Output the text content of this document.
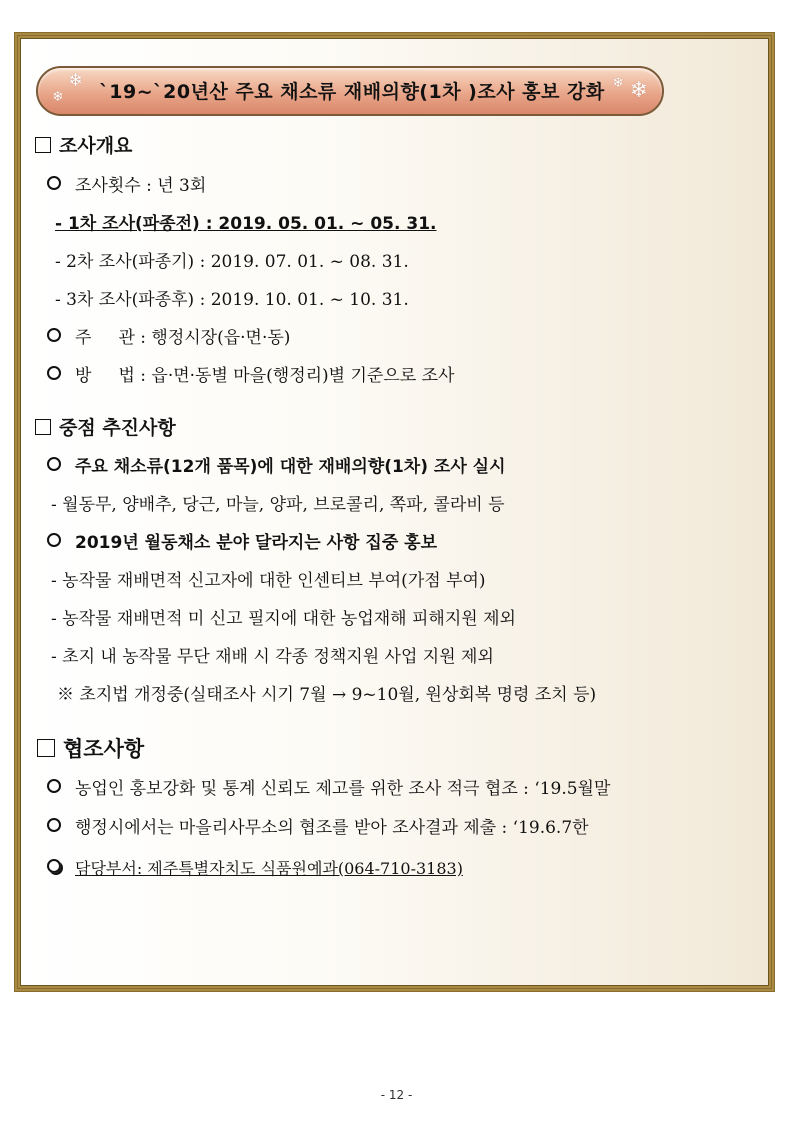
❄
❄	`19~`20년산 주요 채소류 재배의향(1차 )조사 홍보 강화	❄
❄
조사개요
조사횟수 : 년 3회
- 1차 조사(파종전) : 2019. 05. 01. ~ 05. 31.
- 2차 조사(파종기) : 2019. 07. 01. ~ 08. 31.
- 3차 조사(파종후) : 2019. 10. 01. ~ 10. 31.
주     관 : 행정시장(읍·면·동)
방     법 : 읍·면·동별 마을(행정리)별 기준으로 조사
중점 추진사항
주요 채소류(12개 품목)에 대한 재배의향(1차) 조사 실시
- 월동무, 양배추, 당근, 마늘, 양파, 브로콜리, 쪽파, 콜라비 등
2019년 월동채소 분야 달라지는 사항 집중 홍보
- 농작물 재배면적 신고자에 대한 인센티브 부여(가점 부여)
- 농작물 재배면적 미 신고 필지에 대한 농업재해 피해지원 제외
- 초지 내 농작물 무단 재배 시 각종 정책지원 사업 지원 제외
※ 초지법 개정중(실태조사 시기 7월 → 9~10월, 원상회복 명령 조치 등)
협조사항
농업인 홍보강화 및 통계 신뢰도 제고를 위한 조사 적극 협조 : ‘19.5월말
행정시에서는 마을리사무소의 협조를 받아 조사결과 제출 : ‘19.6.7한
담당부서: 제주특별자치도 식품원예과(064-710-3183)
- 12 -
